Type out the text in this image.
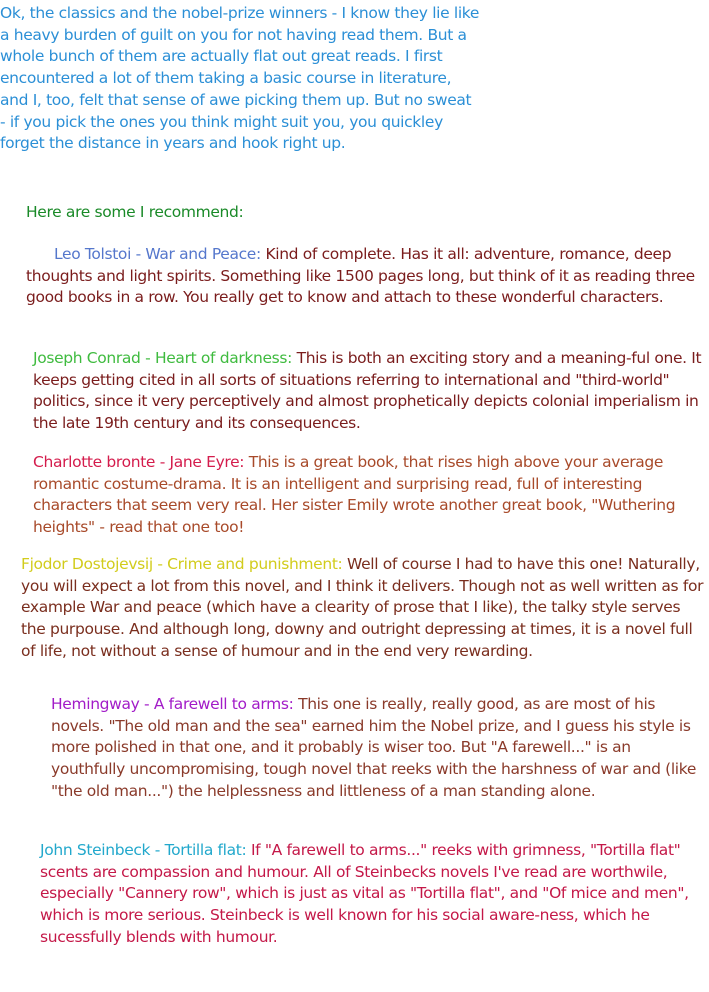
Ok, the classics and the nobel-prize winners - I know they lie like a heavy burden of guilt on you for not having read them. But a whole bunch of them are actually flat out great reads. I first encountered a lot of them taking a basic course in literature, and I, too, felt that sense of awe picking them up. But no sweat - if you pick the ones you think might suit you, you quickley forget the distance in years and hook right up.

Here are some I recommend:

Leo Tolstoi - War and Peace: Kind of complete. Has it all: adventure, romance, deep thoughts and light spirits. Something like 1500 pages long, but think of it as reading three good books in a row. You really get to know and attach to these wonderful characters.

Joseph Conrad - Heart of darkness: This is both an exciting story and a meaning-ful one. It keeps getting cited in all sorts of situations referring to international and "third-world" politics, since it very perceptively and almost prophetically depicts colonial imperialism in the late 19th century and its consequences.

Charlotte bronte - Jane Eyre: This is a great book, that rises high above your average romantic costume-drama. It is an intelligent and surprising read, full of interesting characters that seem very real. Her sister Emily wrote another great book, "Wuthering heights" - read that one too!

Fjodor Dostojevsij - Crime and punishment: Well of course I had to have this one! Naturally, you will expect a lot from this novel, and I think it delivers. Though not as well written as for example War and peace (which have a clearity of prose that I like), the talky style serves the purpouse. And although long, downy and outright depressing at times, it is a novel full of life, not without a sense of humour and in the end very rewarding.

Hemingway - A farewell to arms: This one is really, really good, as are most of his novels. "The old man and the sea" earned him the Nobel prize, and I guess his style is more polished in that one, and it probably is wiser too. But "A farewell..." is an youthfully uncompromising, tough novel that reeks with the harshness of war and (like "the old man...") the helplessness and littleness of a man standing alone.

John Steinbeck - Tortilla flat: If "A farewell to arms..." reeks with grimness, "Tortilla flat" scents are compassion and humour. All of Steinbecks novels I've read are worthwile, especially "Cannery row", which is just as vital as "Tortilla flat", and "Of mice and men", which is more serious. Steinbeck is well known for his social aware-ness, which he sucessfully blends with humour.
